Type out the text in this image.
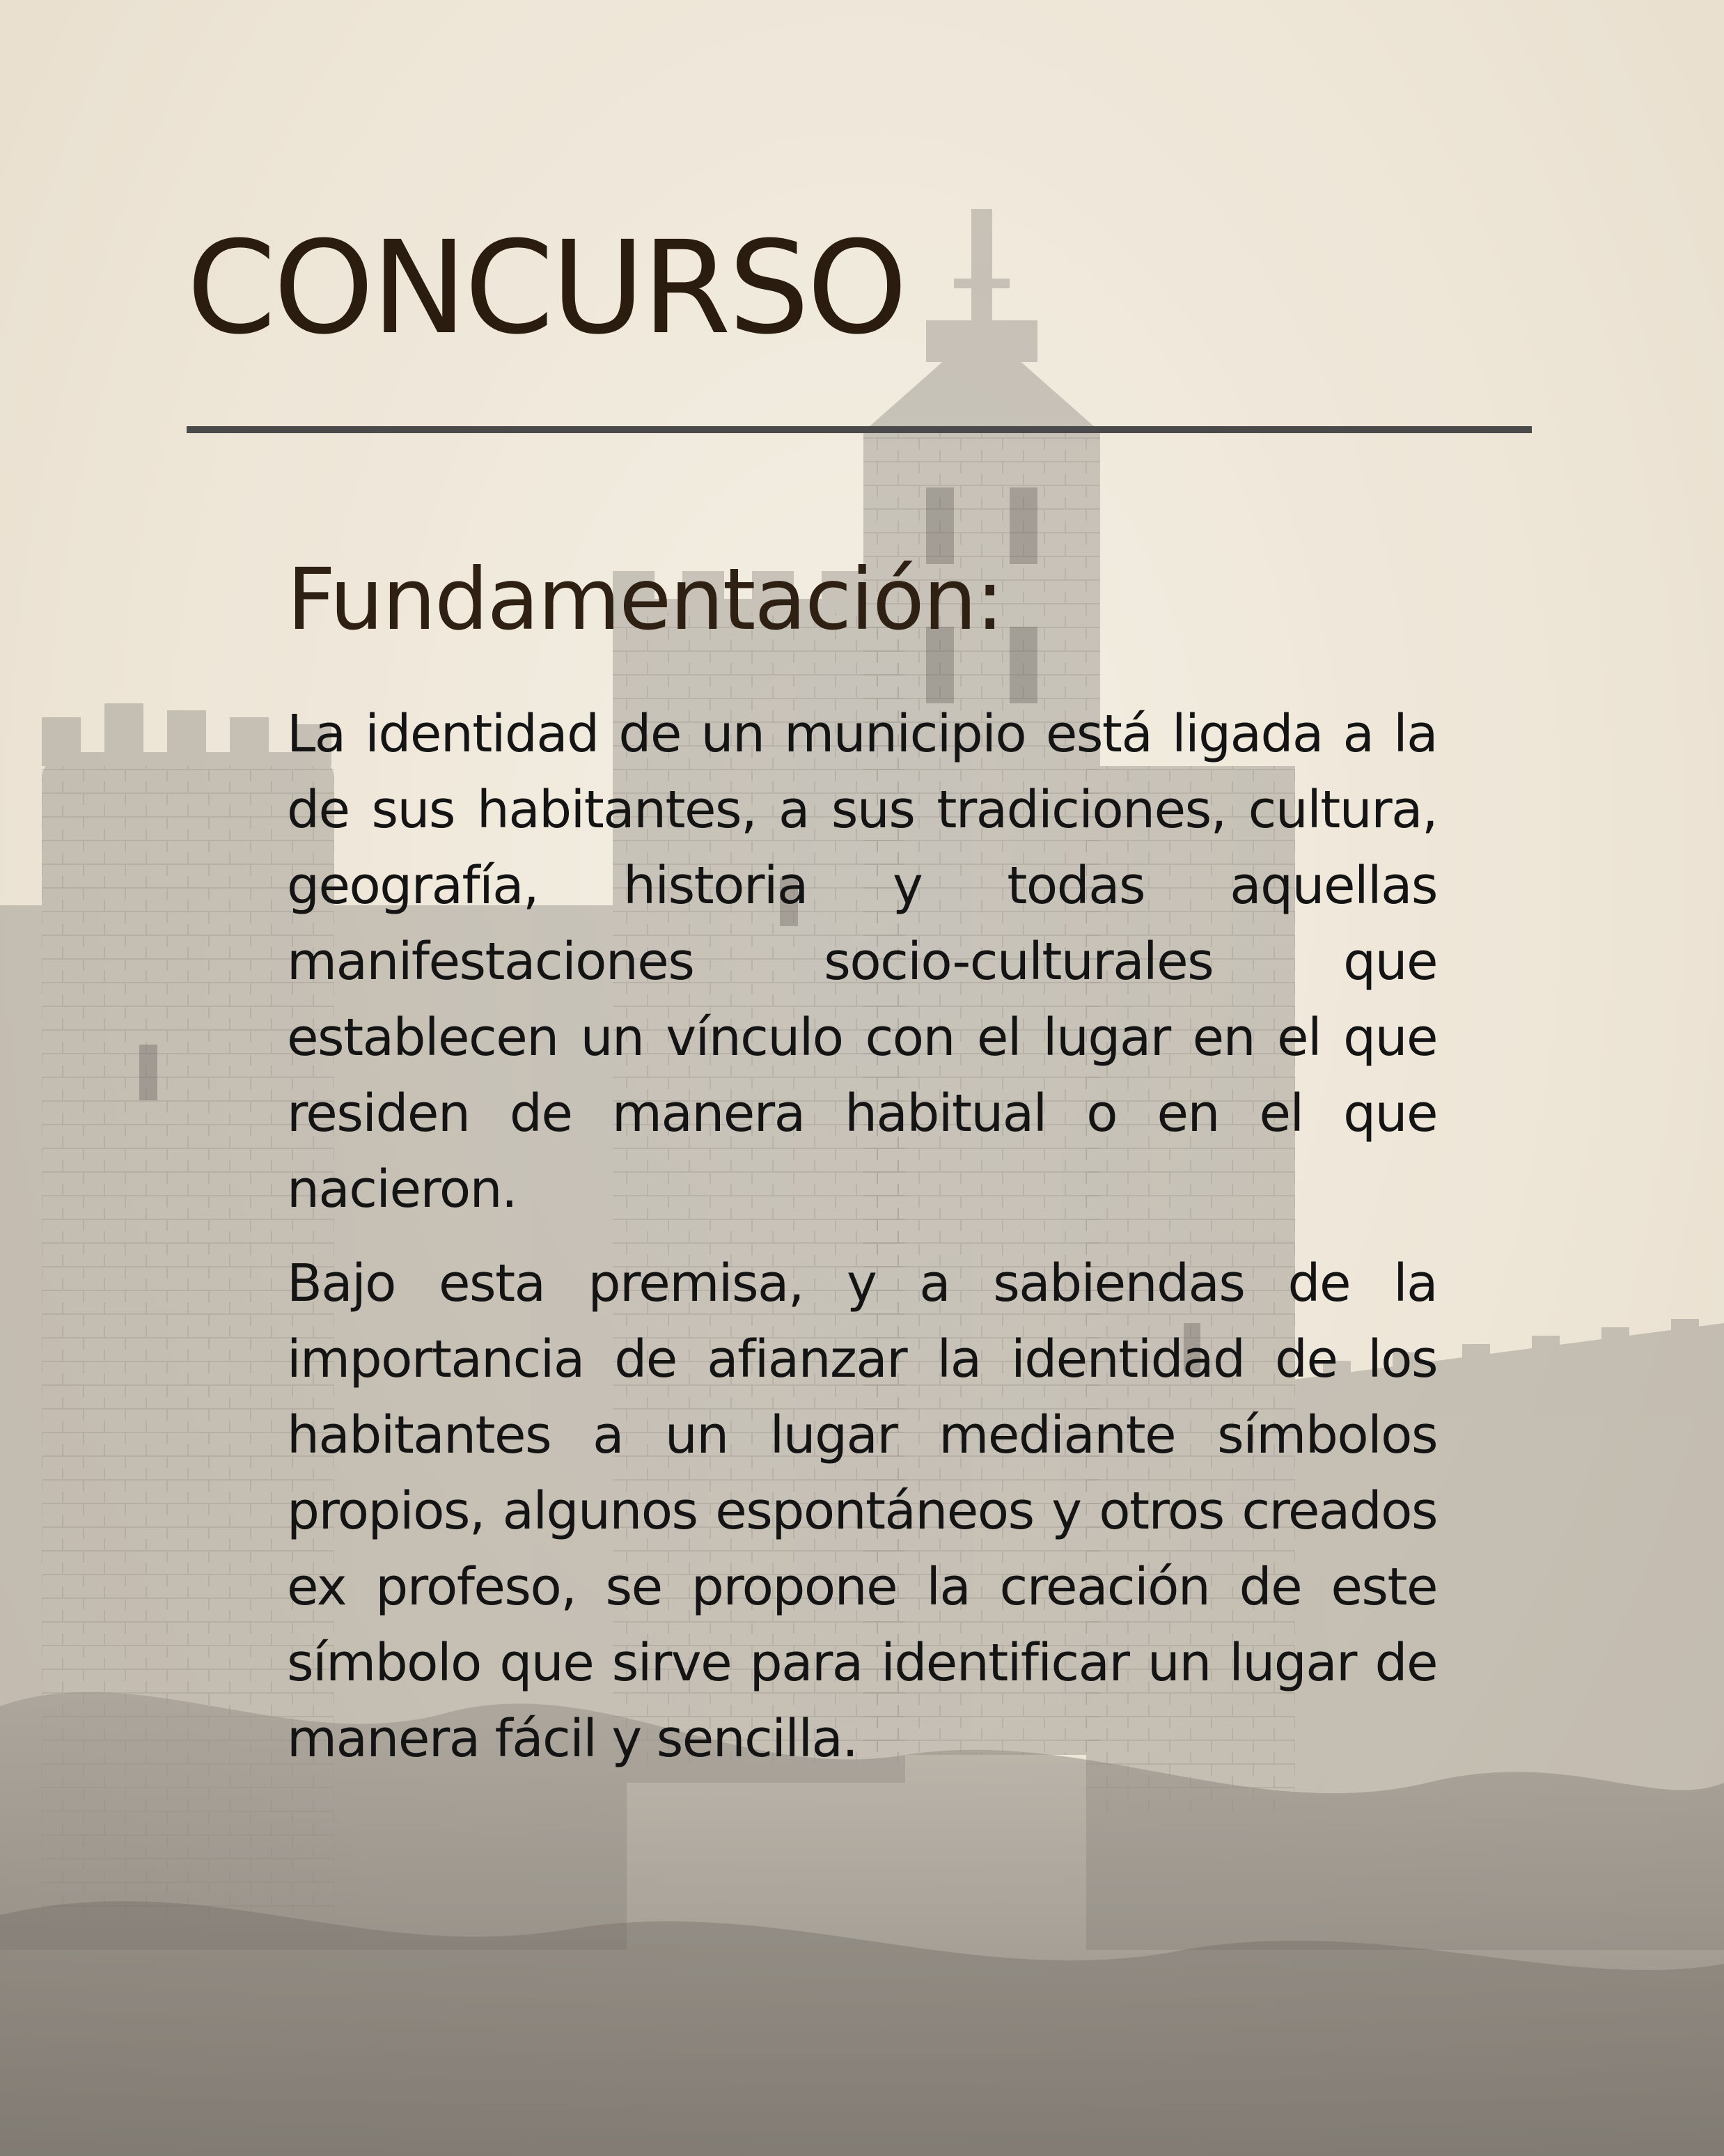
CONCURSO
Fundamentación:

La identidad de un municipio está ligada a la de sus habitantes, a sus tradiciones, cultura, geografía, historia y todas aquellas manifestaciones socio-culturales que establecen un vínculo con el lugar en el que residen de manera habitual o en el que nacieron.

Bajo esta premisa, y a sabiendas de la importancia de afianzar la identidad de los habitantes a un lugar mediante símbolos propios, algunos espontáneos y otros creados ex profeso, se propone la creación de este símbolo que sirve para identificar un lugar de manera fácil y sencilla.
